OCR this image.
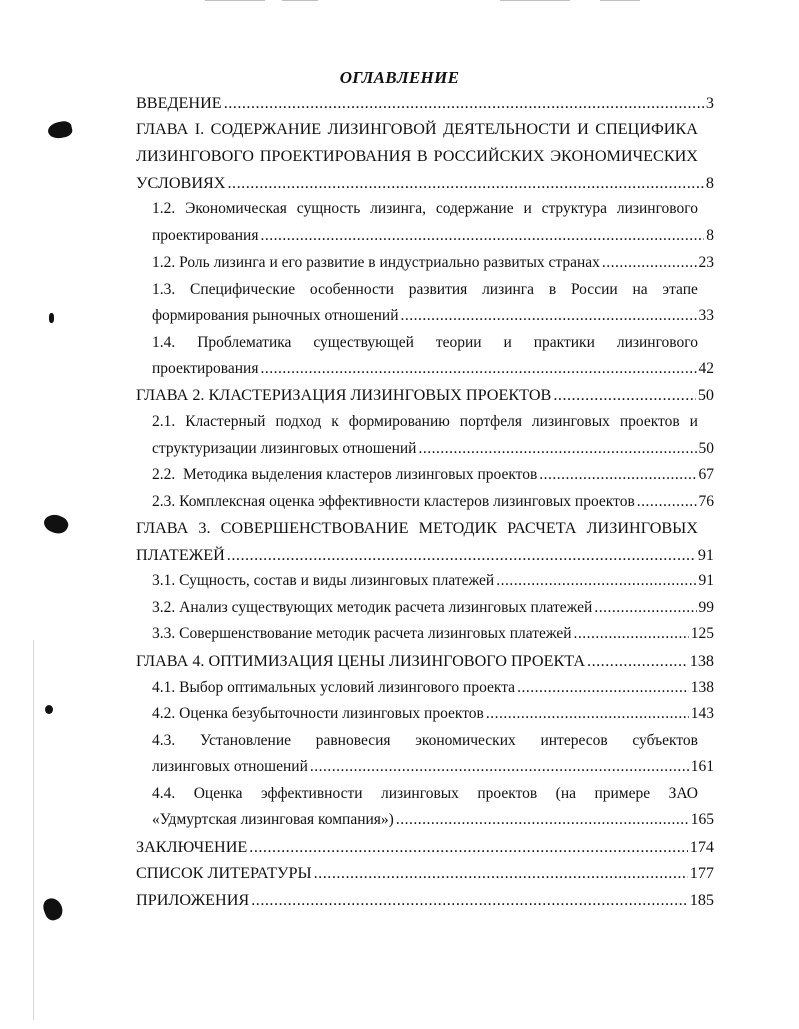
ОГЛАВЛЕНИЕ
ВВЕДЕНИЕ .....	3
ГЛАВА I. СОДЕРЖАНИЕ ЛИЗИНГОВОЙ ДЕЯТЕЛЬНОСТИ И СПЕЦИФИКА
ЛИЗИНГОВОГО ПРОЕКТИРОВАНИЯ В РОССИЙСКИХ ЭКОНОМИЧЕСКИХ
УСЛОВИЯХ .....	8
1.2. Экономическая сущность лизинга, содержание и структура лизингового
проектирования .....	8
1.2. Роль лизинга и его развитие в индустриально развитых странах .....	23
1.3. Специфические особенности развития лизинга в России на этапе
формирования рыночных отношений .....	33
1.4. Проблематика существующей теории и практики лизингового
проектирования .....	42
ГЛАВА 2. КЛАСТЕРИЗАЦИЯ ЛИЗИНГОВЫХ ПРОЕКТОВ .....	50
2.1. Кластерный подход к формированию портфеля лизинговых проектов и
структуризации лизинговых отношений .....	50
2.2.  Методика выделения кластеров лизинговых проектов .....	67
2.3. Комплексная оценка эффективности кластеров лизинговых проектов .....	76
ГЛАВА 3. СОВЕРШЕНСТВОВАНИЕ МЕТОДИК РАСЧЕТА ЛИЗИНГОВЫХ
ПЛАТЕЖЕЙ .....	91
3.1. Сущность, состав и виды лизинговых платежей .....	91
3.2. Анализ существующих методик расчета лизинговых платежей .....	99
3.3. Совершенствование методик расчета лизинговых платежей .....	125
ГЛАВА 4. ОПТИМИЗАЦИЯ ЦЕНЫ ЛИЗИНГОВОГО ПРОЕКТА .....	138
4.1. Выбор оптимальных условий лизингового проекта .....	138
4.2. Оценка безубыточности лизинговых проектов .....	143
4.3. Установление равновесия экономических интересов субъектов
лизинговых отношений .....	161
4.4. Оценка эффективности лизинговых проектов (на примере ЗАО
«Удмуртская лизинговая компания») .....	165
ЗАКЛЮЧЕНИЕ .....	174
СПИСОК ЛИТЕРАТУРЫ .....	177
ПРИЛОЖЕНИЯ .....	185
